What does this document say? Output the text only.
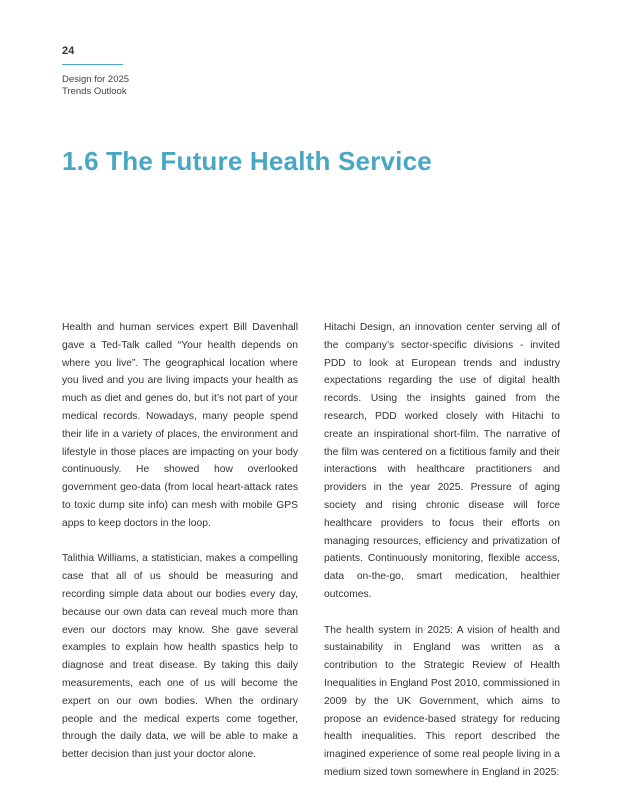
24
Design for 2025
Trends Outlook
1.6 The Future Health Service

Health and human services expert Bill Davenhall gave a Ted-Talk called “Your health depends on where you live”. The geographical location where you lived and you are living impacts your health as much as diet and genes do, but it’s not part of your medical records. Nowadays, many people spend their life in a variety of places, the environment and lifestyle in those places are impacting on your body continuously. He showed how overlooked government geo-data (from local heart-attack rates to toxic dump site info) can mesh with mobile GPS apps to keep doctors in the loop.

Talithia Williams, a statistician, makes a compelling case that all of us should be measuring and recording simple data about our bodies every day, because our own data can reveal much more than even our doctors may know. She gave several examples to explain how health spastics help to diagnose and treat disease. By taking this daily measurements, each one of us will become the expert on our own bodies. When the ordinary people and the medical experts come together, through the daily data, we will be able to make a better decision than just your doctor alone.

Hitachi Design, an innovation center serving all of the company’s sector-specific divisions - invited PDD to look at European trends and industry expectations regarding the use of digital health records. Using the insights gained from the research, PDD worked closely with Hitachi to create an inspirational short-film. The narrative of the film was centered on a fictitious family and their interactions with healthcare practitioners and providers in the year 2025. Pressure of aging society and rising chronic disease will force healthcare providers to focus their efforts on managing resources, efficiency and privatization of patients. Continuously monitoring, flexible access, data on-the-go, smart medication, healthier outcomes.

The health system in 2025: A vision of health and sustainability in England was written as a contribution to the Strategic Review of Health Inequalities in England Post 2010, commissioned in 2009 by the UK Government, which aims to propose an evidence-based strategy for reducing health inequalities. This report described the imagined experience of some real people living in a medium sized town somewhere in England in 2025:
